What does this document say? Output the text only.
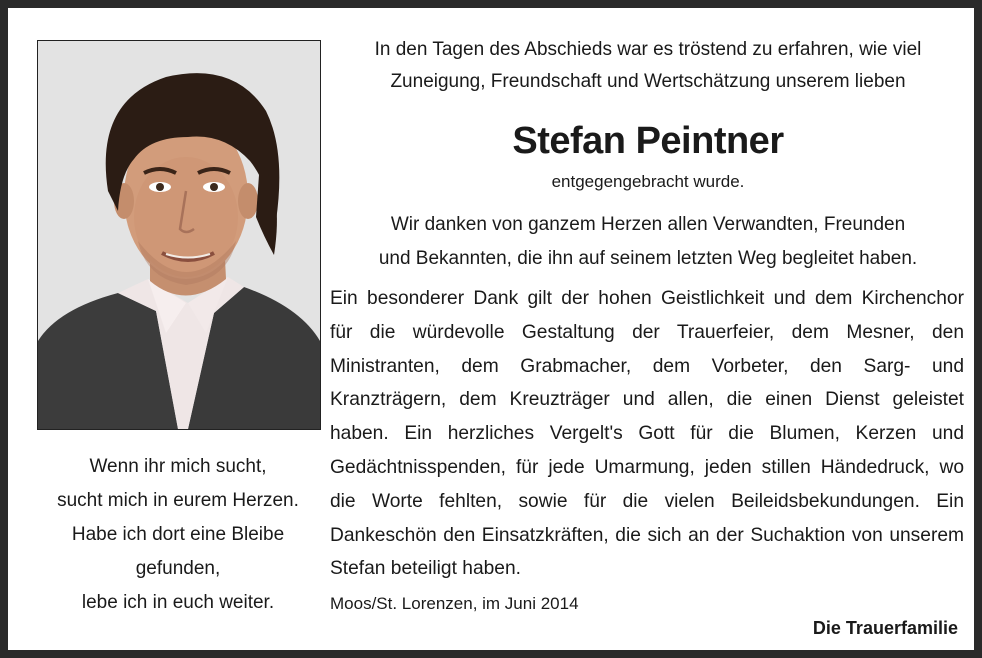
Wenn ihr mich sucht,
sucht mich in eurem Herzen.
Habe ich dort eine Bleibe
gefunden,
lebe ich in euch weiter.
In den Tagen des Abschieds war es tröstend zu erfahren, wie viel
Zuneigung, Freundschaft und Wertschätzung unserem lieben
Stefan Peintner
entgegengebracht wurde.
Wir danken von ganzem Herzen allen Verwandten, Freunden
und Bekannten, die ihn auf seinem letzten Weg begleitet haben.
Ein besonderer Dank gilt der hohen Geistlichkeit und dem Kirchenchor
für die würdevolle Gestaltung der Trauerfeier, dem Mesner, den
Ministranten, dem Grabmacher, dem Vorbeter, den Sarg- und
Kranzträgern, dem Kreuzträger und allen, die einen Dienst geleistet
haben. Ein herzliches Vergelt's Gott für die Blumen, Kerzen und
Gedächtnisspenden, für jede Umarmung, jeden stillen Händedruck, wo
die Worte fehlten, sowie für die vielen Beileidsbekundungen. Ein
Dankeschön den Einsatzkräften, die sich an der Suchaktion von unserem
Stefan beteiligt haben.
Moos/St. Lorenzen, im Juni 2014
Die Trauerfamilie
